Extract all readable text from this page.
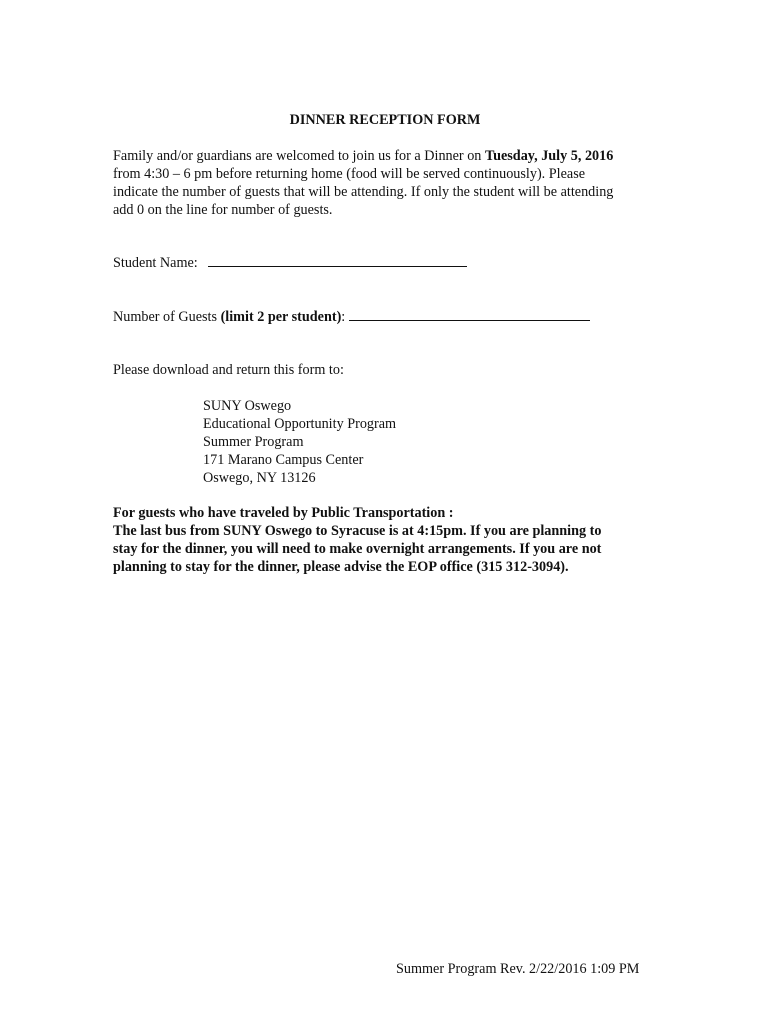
DINNER RECEPTION FORM
Family and/or guardians are welcomed to join us for a Dinner on Tuesday, July 5, 2016
from 4:30 – 6 pm before returning home (food will be served continuously). Please
indicate the number of guests that will be attending. If only the student will be attending
add 0 on the line for number of guests.
Student Name:
Number of Guests (limit 2 per student):
Please download and return this form to:
SUNY Oswego
Educational Opportunity Program
Summer Program
171 Marano Campus Center
Oswego, NY 13126
For guests who have traveled by Public Transportation :
The last bus from SUNY Oswego to Syracuse is at 4:15pm. If you are planning to
stay for the dinner, you will need to make overnight arrangements. If you are not
planning to stay for the dinner, please advise the EOP office (315 312-3094).
Summer Program Rev. 2/22/2016 1:09 PM
